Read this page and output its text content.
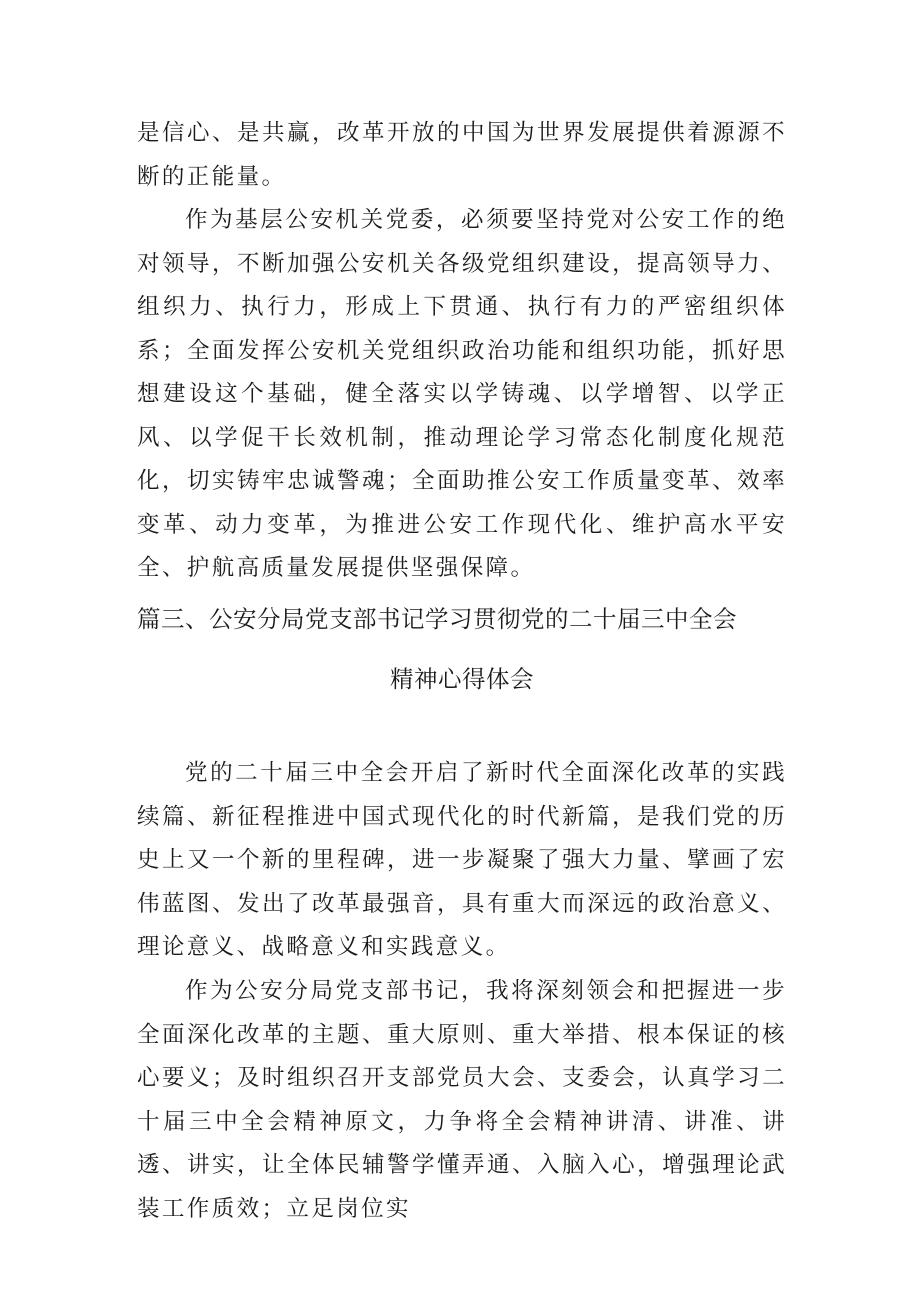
是信心、是共赢，改革开放的中国为世界发展提供着源源不断的正能量。

作为基层公安机关党委，必须要坚持党对公安工作的绝对领导，不断加强公安机关各级党组织建设，提高领导力、组织力、执行力，形成上下贯通、执行有力的严密组织体系；全面发挥公安机关党组织政治功能和组织功能，抓好思想建设这个基础，健全落实以学铸魂、以学增智、以学正风、以学促干长效机制，推动理论学习常态化制度化规范化，切实铸牢忠诚警魂；全面助推公安工作质量变革、效率变革、动力变革，为推进公安工作现代化、维护高水平安全、护航高质量发展提供坚强保障。

篇三、公安分局党支部书记学习贯彻党的二十届三中全会
精神心得体会

党的二十届三中全会开启了新时代全面深化改革的实践续篇、新征程推进中国式现代化的时代新篇，是我们党的历史上又一个新的里程碑，进一步凝聚了强大力量、擘画了宏伟蓝图、发出了改革最强音，具有重大而深远的政治意义、理论意义、战略意义和实践意义。

作为公安分局党支部书记，我将深刻领会和把握进一步全面深化改革的主题、重大原则、重大举措、根本保证的核心要义；及时组织召开支部党员大会、支委会，认真学习二十届三中全会精神原文，力争将全会精神讲清、讲准、讲透、讲实，让全体民辅警学懂弄通、入脑入心，增强理论武装工作质效；立足岗位实
